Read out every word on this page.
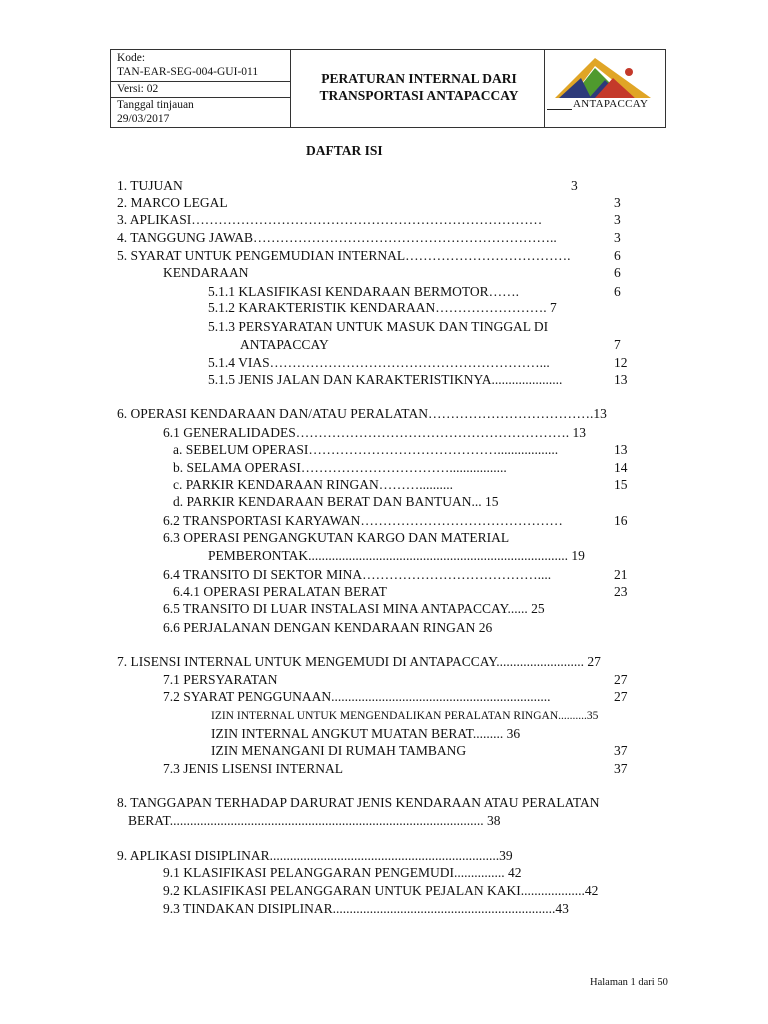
Kode:
TAN-EAR-SEG-004-GUI-011
Versi: 02
Tanggal tinjauan
29/03/2017
PERATURAN INTERNAL DARI
TRANSPORTASI ANTAPACCAY
ANTAPACCAY
DAFTAR ISI
1. TUJUAN	3
2. MARCO LEGAL	3
3. APLIKASI……………………………………………………………………	3
4. TANGGUNG JAWAB…………………………………………………………..	3
5. SYARAT UNTUK PENGEMUDIAN INTERNAL……………………………….	6
KENDARAAN	6
5.1.1 KLASIFIKASI KENDARAAN BERMOTOR…….	6
5.1.2 KARAKTERISTIK KENDARAAN……………………. 7
5.1.3 PERSYARATAN UNTUK MASUK DAN TINGGAL DI
ANTAPACCAY	7
5.1.4 VIAS……………………………………………………...	12
5.1.5 JENIS JALAN DAN KARAKTERISTIKNYA.....................	13
6. OPERASI KENDARAAN DAN/ATAU PERALATAN……………………………….13
6.1 GENERALIDADES……………………………………………………. 13
a. SEBELUM OPERASI……………………………………..................	13
b. SELAMA OPERASI…………………………….................	14
c. PARKIR KENDARAAN RINGAN………..........	15
d. PARKIR KENDARAAN BERAT DAN BANTUAN... 15
6.2 TRANSPORTASI KARYAWAN………………………………………	16
6.3 OPERASI PENGANGKUTAN KARGO DAN MATERIAL
PEMBERONTAK............................................................................. 19
6.4 TRANSITO DI SEKTOR MINA…………………………………....	21
6.4.1 OPERASI PERALATAN BERAT	23
6.5 TRANSITO DI LUAR INSTALASI MINA ANTAPACCAY...... 25
6.6 PERJALANAN DENGAN KENDARAAN RINGAN 26
7. LISENSI INTERNAL UNTUK MENGEMUDI DI ANTAPACCAY.......................... 27
7.1 PERSYARATAN	27
7.2 SYARAT PENGGUNAAN.................................................................	27
IZIN INTERNAL UNTUK MENGENDALIKAN PERALATAN RINGAN..........35
IZIN INTERNAL ANGKUT MUATAN BERAT......... 36
IZIN MENANGANI DI RUMAH TAMBANG	37
7.3 JENIS LISENSI INTERNAL	37
8. TANGGAPAN TERHADAP DARURAT JENIS KENDARAAN ATAU PERALATAN
BERAT............................................................................................. 38
9. APLIKASI DISIPLINAR....................................................................39
9.1 KLASIFIKASI PELANGGARAN PENGEMUDI............... 42
9.2 KLASIFIKASI PELANGGARAN UNTUK PEJALAN KAKI...................42
9.3 TINDAKAN DISIPLINAR..................................................................43
Halaman 1 dari 50
